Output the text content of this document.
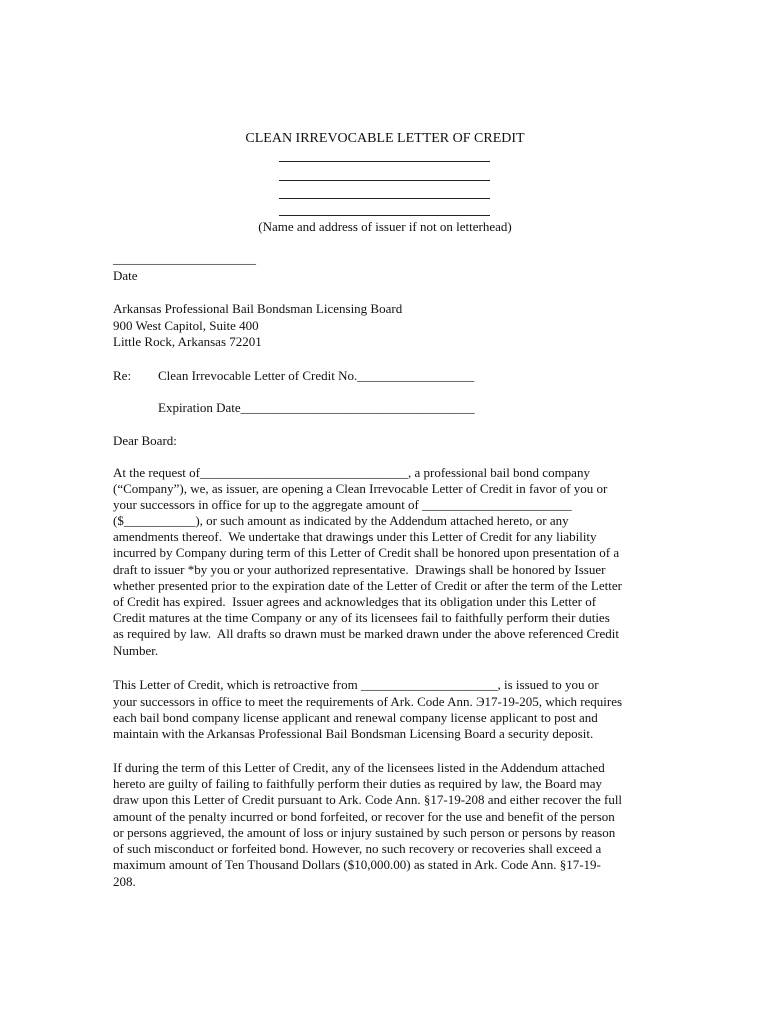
CLEAN IRREVOCABLE LETTER OF CREDIT

(Name and address of issuer if not on letterhead)

______________________

Date

Arkansas Professional Bail Bondsman Licensing Board

900 West Capitol, Suite 400

Little Rock, Arkansas 72201

Re: Clean Irrevocable Letter of Credit No.__________________

Expiration Date____________________________________

Dear Board:

At the request of________________________________, a professional bail bond company

(“Company”), we, as issuer, are opening a Clean Irrevocable Letter of Credit in favor of you or

your successors in office for up to the aggregate amount of _______________________

($___________), or such amount as indicated by the Addendum attached hereto, or any

amendments thereof.  We undertake that drawings under this Letter of Credit for any liability

incurred by Company during term of this Letter of Credit shall be honored upon presentation of a

draft to issuer *by you or your authorized representative.  Drawings shall be honored by Issuer

whether presented prior to the expiration date of the Letter of Credit or after the term of the Letter

of Credit has expired.  Issuer agrees and acknowledges that its obligation under this Letter of

Credit matures at the time Company or any of its licensees fail to faithfully perform their duties

as required by law.  All drafts so drawn must be marked drawn under the above referenced Credit

Number.

This Letter of Credit, which is retroactive from _____________________, is issued to you or

your successors in office to meet the requirements of Ark. Code Ann. Э17-19-205, which requires

each bail bond company license applicant and renewal company license applicant to post and

maintain with the Arkansas Professional Bail Bondsman Licensing Board a security deposit.

If during the term of this Letter of Credit, any of the licensees listed in the Addendum attached

hereto are guilty of failing to faithfully perform their duties as required by law, the Board may

draw upon this Letter of Credit pursuant to Ark. Code Ann. §17-19-208 and either recover the full

amount of the penalty incurred or bond forfeited, or recover for the use and benefit of the person

or persons aggrieved, the amount of loss or injury sustained by such person or persons by reason

of such misconduct or forfeited bond. However, no such recovery or recoveries shall exceed a

maximum amount of Ten Thousand Dollars ($10,000.00) as stated in Ark. Code Ann. §17-19-

208.
